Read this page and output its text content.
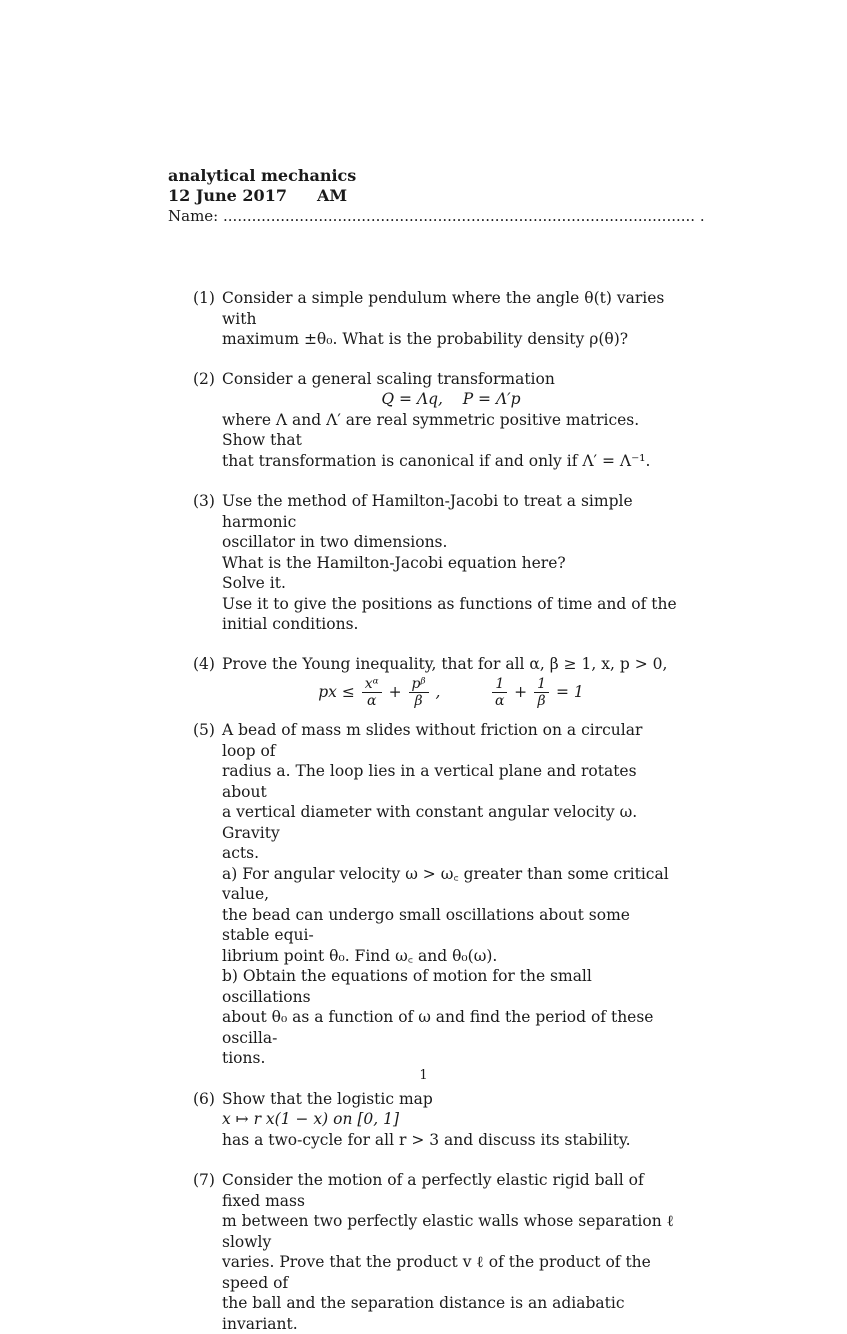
analytical mechanics
12 June 2017 AM
Name: ................................................................................................... .
(1) Consider a simple pendulum where the angle θ(t) varies with

maximum ±θ₀. What is the probability density ρ(θ)?

(2) Consider a general scaling transformation

Q = Λq,    P = Λ′p

where Λ and Λ′ are real symmetric positive matrices. Show that

that transformation is canonical if and only if Λ′ = Λ⁻¹.

(3) Use the method of Hamilton-Jacobi to treat a simple harmonic

oscillator in two dimensions.

What is the Hamilton-Jacobi equation here?

Solve it.

Use it to give the positions as functions of time and of the

initial conditions.

(4) Prove the Young inequality, that for all α, β ≥ 1, x, p > 0,

px ≤ $\frac{\text{xᵅ}}{\alpha} + \frac{\text{pᵝ}}{\beta}$ ,	$\frac{1}{\alpha} + \frac{1}{\beta} = 1$
(5) A bead of mass m slides without friction on a circular loop of

radius a. The loop lies in a vertical plane and rotates about

a vertical diameter with constant angular velocity ω. Gravity

acts.

a) For angular velocity ω > ω꜀ greater than some critical value,

the bead can undergo small oscillations about some stable equi-

librium point θ₀. Find ω꜀ and θ₀(ω).

b) Obtain the equations of motion for the small oscillations

about θ₀ as a function of ω and find the period of these oscilla-

tions.

(6) Show that the logistic map

x ↦ r x(1 − x) on [0, 1]

has a two-cycle for all r > 3 and discuss its stability.

(7) Consider the motion of a perfectly elastic rigid ball of fixed mass

m between two perfectly elastic walls whose separation ℓ slowly

varies. Prove that the product v ℓ of the product of the speed of

the ball and the separation distance is an adiabatic invariant.

1
